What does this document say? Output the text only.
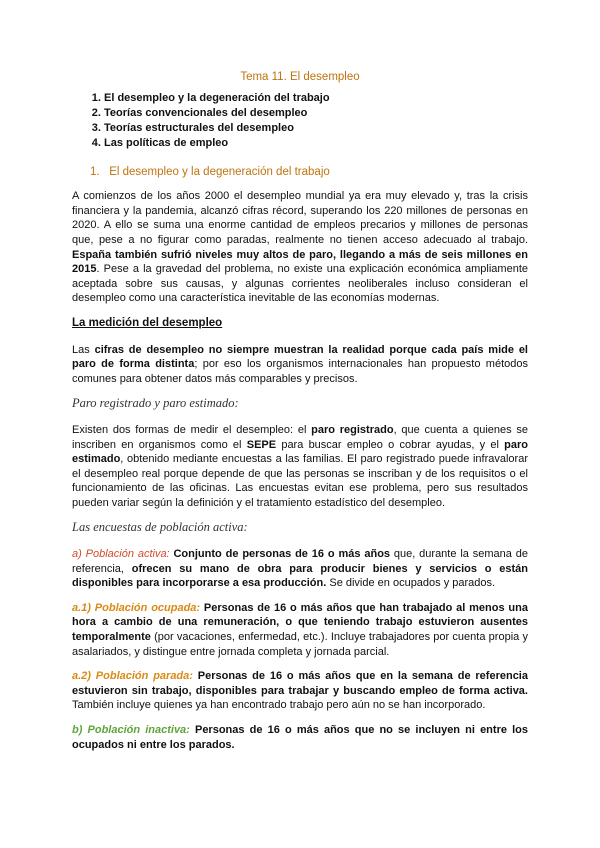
Tema 11. El desempleo
1. El desempleo y la degeneración del trabajo
2. Teorías convencionales del desempleo
3. Teorías estructurales del desempleo
4. Las políticas de empleo
1. El desempleo y la degeneración del trabajo

A comienzos de los años 2000 el desempleo mundial ya era muy elevado y, tras la crisis financiera y la pandemia, alcanzó cifras récord, superando los 220 millones de personas en 2020. A ello se suma una enorme cantidad de empleos precarios y millones de personas que, pese a no figurar como paradas, realmente no tienen acceso adecuado al trabajo. España también sufrió niveles muy altos de paro, llegando a más de seis millones en 2015. Pese a la gravedad del problema, no existe una explicación económica ampliamente aceptada sobre sus causas, y algunas corrientes neoliberales incluso consideran el desempleo como una característica inevitable de las economías modernas.

La medición del desempleo

Las cifras de desempleo no siempre muestran la realidad porque cada país mide el paro de forma distinta; por eso los organismos internacionales han propuesto métodos comunes para obtener datos más comparables y precisos.

Paro registrado y paro estimado:

Existen dos formas de medir el desempleo: el paro registrado, que cuenta a quienes se inscriben en organismos como el SEPE para buscar empleo o cobrar ayudas, y el paro estimado, obtenido mediante encuestas a las familias. El paro registrado puede infravalorar el desempleo real porque depende de que las personas se inscriban y de los requisitos o el funcionamiento de las oficinas. Las encuestas evitan ese problema, pero sus resultados pueden variar según la definición y el tratamiento estadístico del desempleo.

Las encuestas de población activa:

a) Población activa: Conjunto de personas de 16 o más años que, durante la semana de referencia, ofrecen su mano de obra para producir bienes y servicios o están disponibles para incorporarse a esa producción. Se divide en ocupados y parados.

a.1) Población ocupada: Personas de 16 o más años que han trabajado al menos una hora a cambio de una remuneración, o que teniendo trabajo estuvieron ausentes temporalmente (por vacaciones, enfermedad, etc.). Incluye trabajadores por cuenta propia y asalariados, y distingue entre jornada completa y jornada parcial.

a.2) Población parada: Personas de 16 o más años que en la semana de referencia estuvieron sin trabajo, disponibles para trabajar y buscando empleo de forma activa. También incluye quienes ya han encontrado trabajo pero aún no se han incorporado.

b) Población inactiva: Personas de 16 o más años que no se incluyen ni entre los ocupados ni entre los parados.
